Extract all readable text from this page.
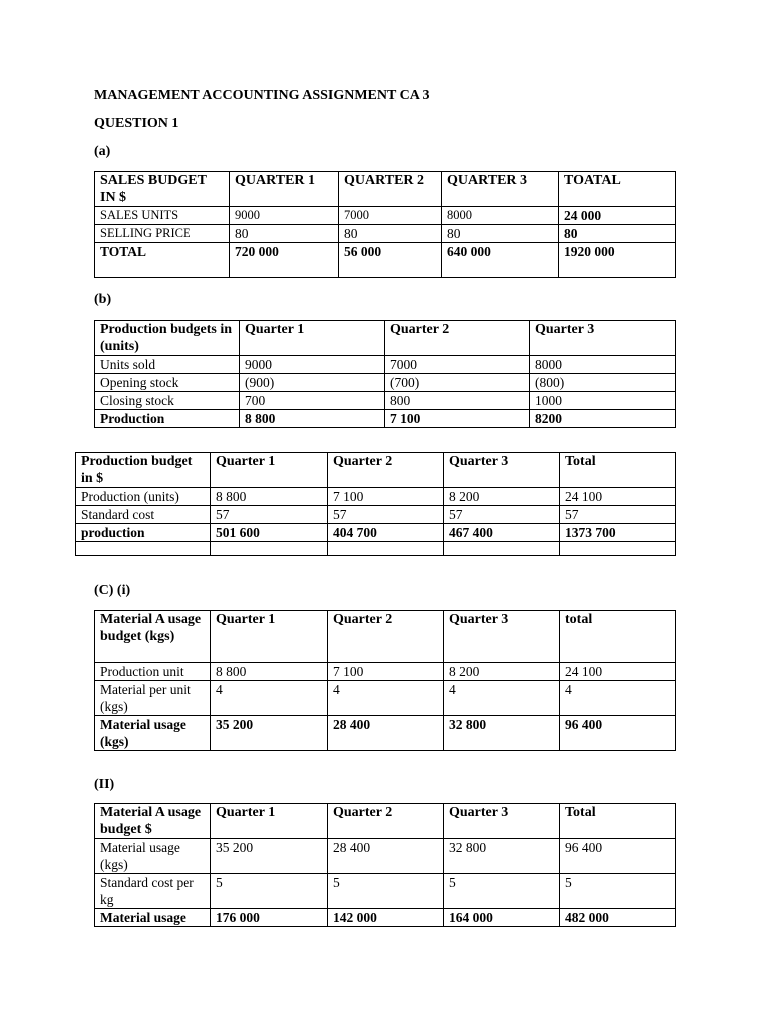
MANAGEMENT ACCOUNTING ASSIGNMENT CA 3
QUESTION 1
(a)
SALES BUDGET IN $	QUARTER 1	QUARTER 2	QUARTER 3	TOATAL
SALES UNITS	9000	7000	8000	24 000
SELLING PRICE	80	80	80	80
TOTAL	720 000	56 000	640 000	1920 000
(b)
Production budgets in (units)	Quarter 1	Quarter 2	Quarter 3
Units sold	9000	7000	8000
Opening stock	(900)	(700)	(800)
Closing stock	700	800	1000
Production	8 800	7 100	8200
Production budget in $	Quarter 1	Quarter 2	Quarter 3	Total
Production (units)	8 800	7 100	8 200	24 100
Standard cost	57	57	57	57
production	501 600	404 700	467 400	1373 700

(C) (i)
Material A usage budget (kgs)	Quarter 1	Quarter 2	Quarter 3	total
Production unit	8 800	7 100	8 200	24 100
Material per unit (kgs)	4	4	4	4
Material usage (kgs)	35 200	28 400	32 800	96 400
(II)
Material A usage budget $	Quarter 1	Quarter 2	Quarter 3	Total
Material usage (kgs)	35 200	28 400	32 800	96 400
Standard cost per kg	5	5	5	5
Material usage	176 000	142 000	164 000	482 000
